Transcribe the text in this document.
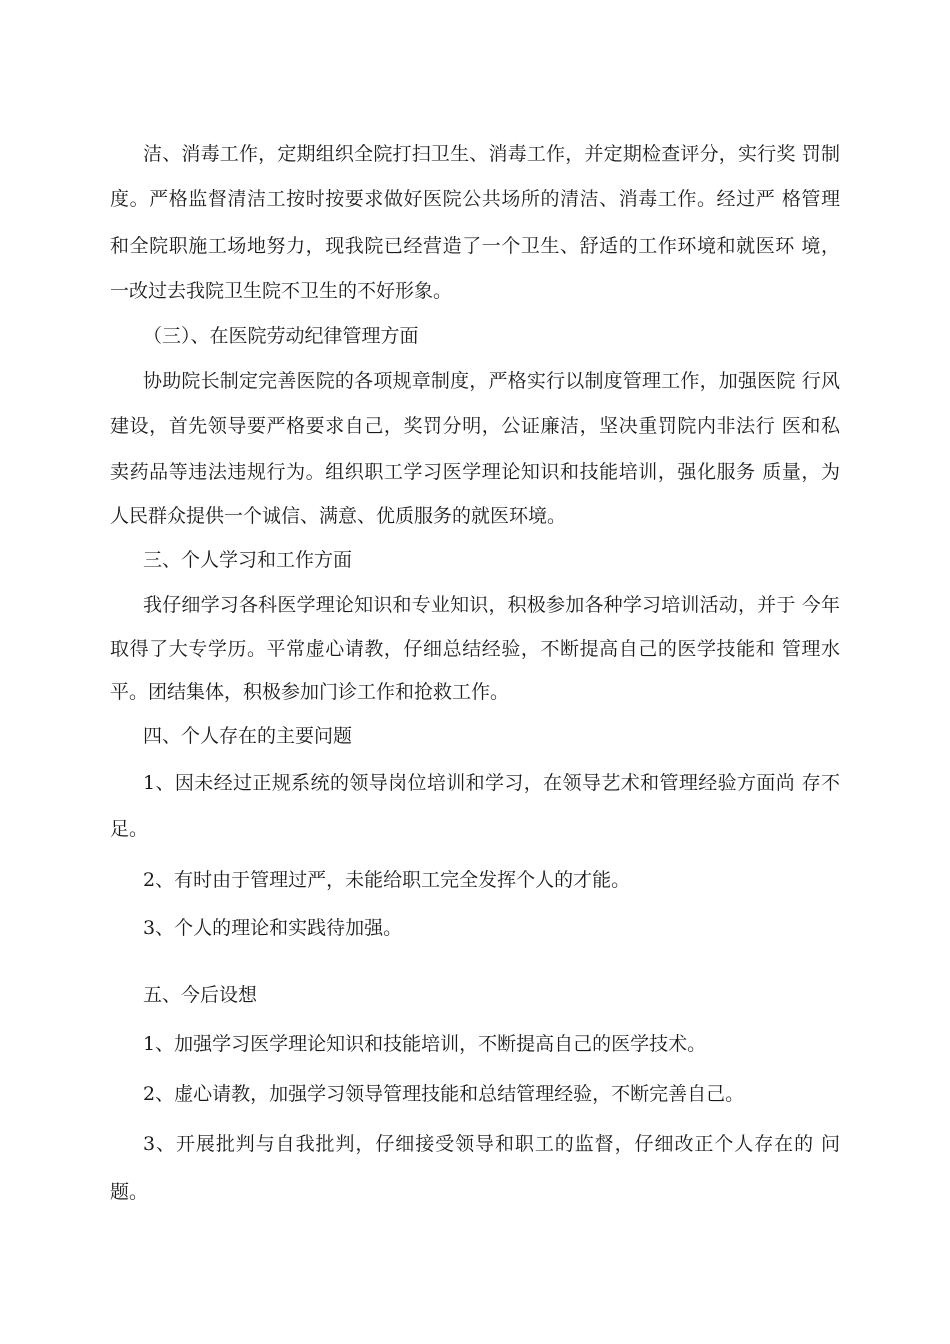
洁、消毒工作，定期组织全院打扫卫生、消毒工作，并定期检查评分，实行奖 罚制
度。严格监督清洁工按时按要求做好医院公共场所的清洁、消毒工作。经过严 格管理
和全院职施工场地努力，现我院已经营造了一个卫生、舒适的工作环境和就医环 境，
一改过去我院卫生院不卫生的不好形象。
（三）、在医院劳动纪律管理方面
协助院长制定完善医院的各项规章制度，严格实行以制度管理工作，加强医院 行风
建设，首先领导要严格要求自己，奖罚分明，公证廉洁，坚决重罚院内非法行 医和私
卖药品等违法违规行为。组织职工学习医学理论知识和技能培训，强化服务 质量，为
人民群众提供一个诚信、满意、优质服务的就医环境。
三、个人学习和工作方面
我仔细学习各科医学理论知识和专业知识，积极参加各种学习培训活动，并于 今年
取得了大专学历。平常虚心请教，仔细总结经验，不断提高自己的医学技能和 管理水
平。团结集体，积极参加门诊工作和抢救工作。
四、个人存在的主要问题
1、因未经过正规系统的领导岗位培训和学习，在领导艺术和管理经验方面尚 存不
足。
2、有时由于管理过严，未能给职工完全发挥个人的才能。
3、个人的理论和实践待加强。
五、今后设想
1、加强学习医学理论知识和技能培训，不断提高自己的医学技术。
2、虚心请教，加强学习领导管理技能和总结管理经验，不断完善自己。
3、开展批判与自我批判，仔细接受领导和职工的监督，仔细改正个人存在的 问
题。
